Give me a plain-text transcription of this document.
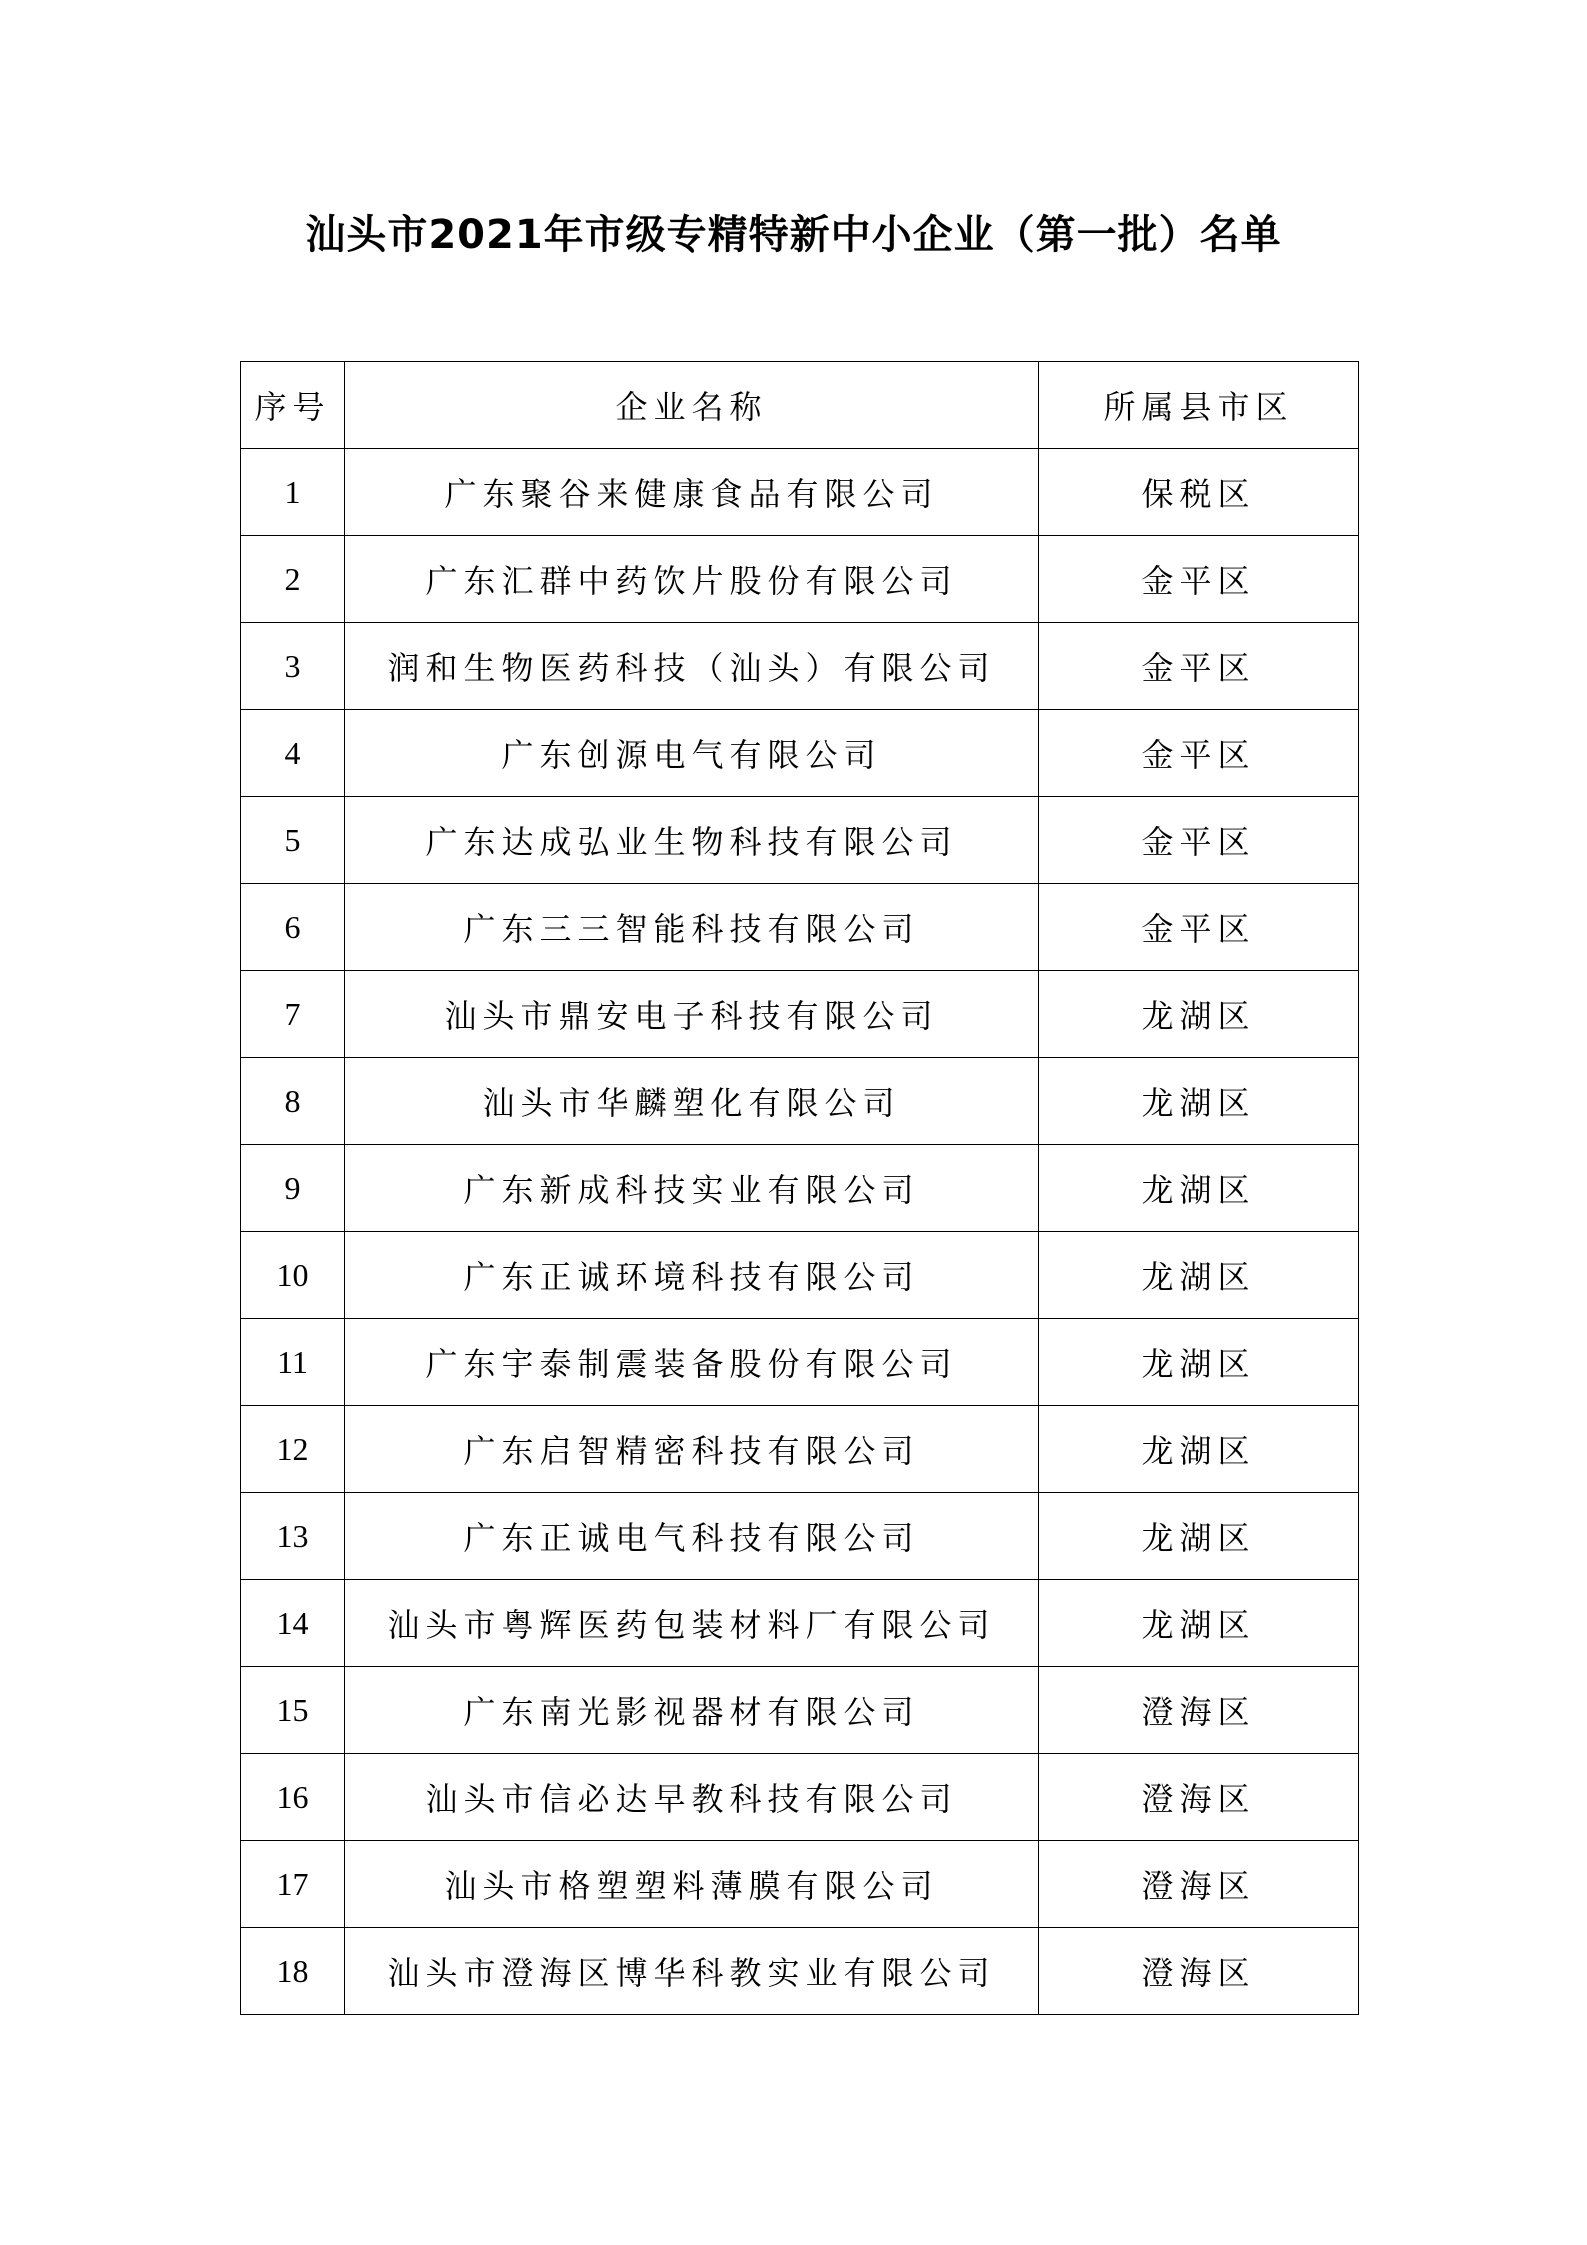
汕头市2021年市级专精特新中小企业（第一批）名单
序号	企业名称	所属县市区
1	广东聚谷来健康食品有限公司	保税区
2	广东汇群中药饮片股份有限公司	金平区
3	润和生物医药科技（汕头）有限公司	金平区
4	广东创源电气有限公司	金平区
5	广东达成弘业生物科技有限公司	金平区
6	广东三三智能科技有限公司	金平区
7	汕头市鼎安电子科技有限公司	龙湖区
8	汕头市华麟塑化有限公司	龙湖区
9	广东新成科技实业有限公司	龙湖区
10	广东正诚环境科技有限公司	龙湖区
11	广东宇泰制震装备股份有限公司	龙湖区
12	广东启智精密科技有限公司	龙湖区
13	广东正诚电气科技有限公司	龙湖区
14	汕头市粤辉医药包装材料厂有限公司	龙湖区
15	广东南光影视器材有限公司	澄海区
16	汕头市信必达早教科技有限公司	澄海区
17	汕头市格塑塑料薄膜有限公司	澄海区
18	汕头市澄海区博华科教实业有限公司	澄海区
